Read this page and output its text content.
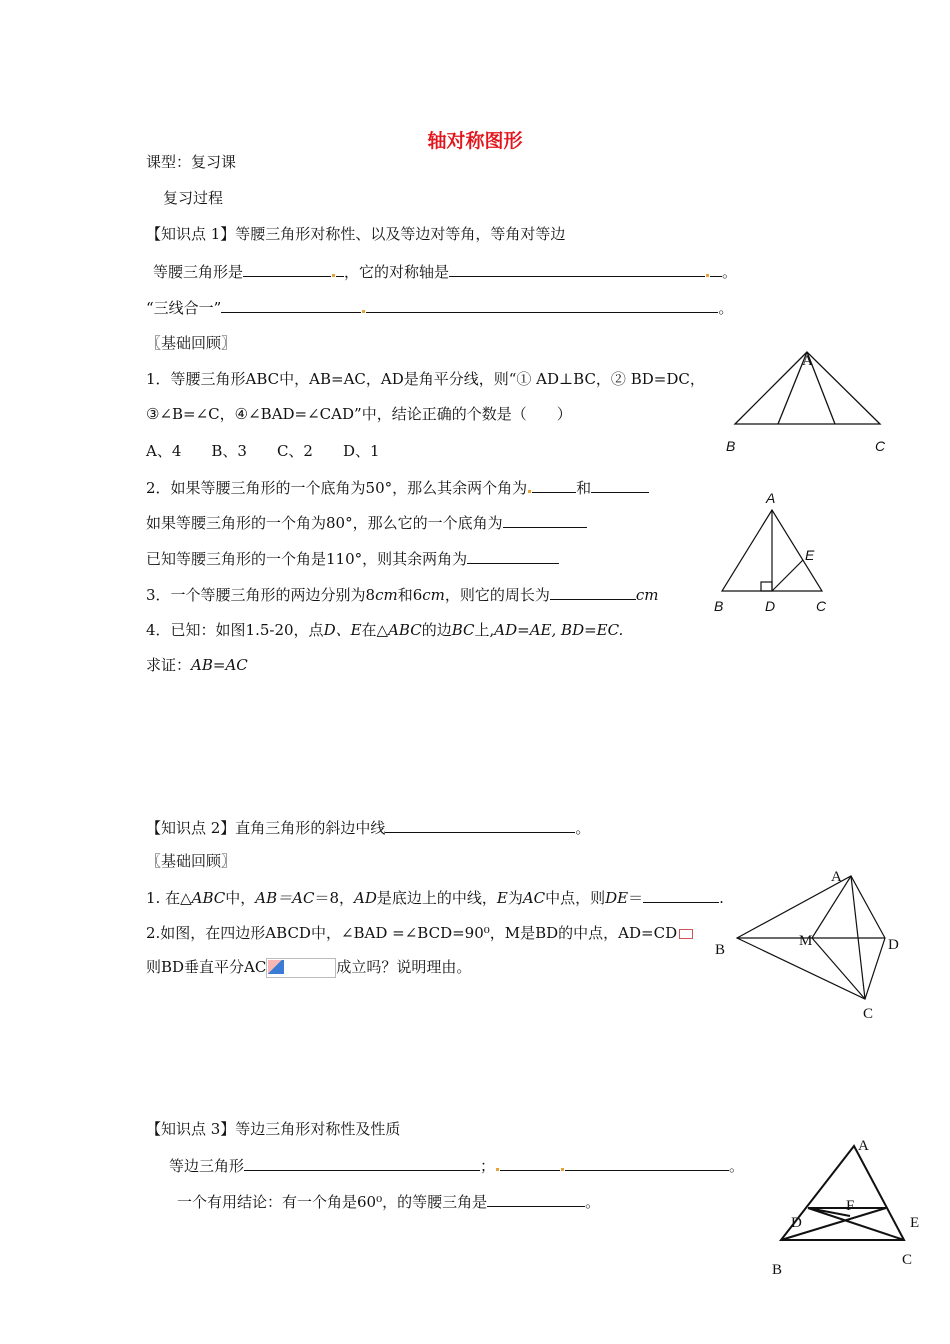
轴对称图形
课型：复习课
复习过程
【知识点 1】等腰三角形对称性、以及等边对等角，等角对等边
等腰三角形是	，它的对称轴是	。
“三线合一”	。
〖基础回顾〗
1．等腰三角形ABC中，AB=AC，AD是角平分线，则“① AD⊥BC，② BD=DC，
③∠B=∠C，④∠BAD=∠CAD”中，结论正确的个数是（　　）
A、4　　B、3　　C、2　　D、1
2．如果等腰三角形的一个底角为50°，那么其余两个角为	和
如果等腰三角形的一个角为80°，那么它的一个底角为
已知等腰三角形的一个角是110°，则其余两角为
3．一个等腰三角形的两边分别为8cm和6cm，则它的周长为	cm
4．已知：如图1.5-20，点D、E在△ABC的边BC上,AD=AE, BD=EC.
求证：AB=AC
A
B	C
A
E
B	D	C
【知识点 2】直角三角形的斜边中线	。
〖基础回顾〗
1. 在△ABC中，AB＝AC＝8，AD是底边上的中线，E为AC中点，则DE＝	.
2.如图，在四边形ABCD中，∠BAD =∠BCD=90⁰，M是BD的中点，AD=CD
则BD垂直平分AC	成立吗？说明理由。
A
B
M	D
C
【知识点 3】等边三角形对称性及性质
等边三角形	；	。
一个有用结论：有一个角是60⁰，的等腰三角是	。
A
D
F
E
B
C
